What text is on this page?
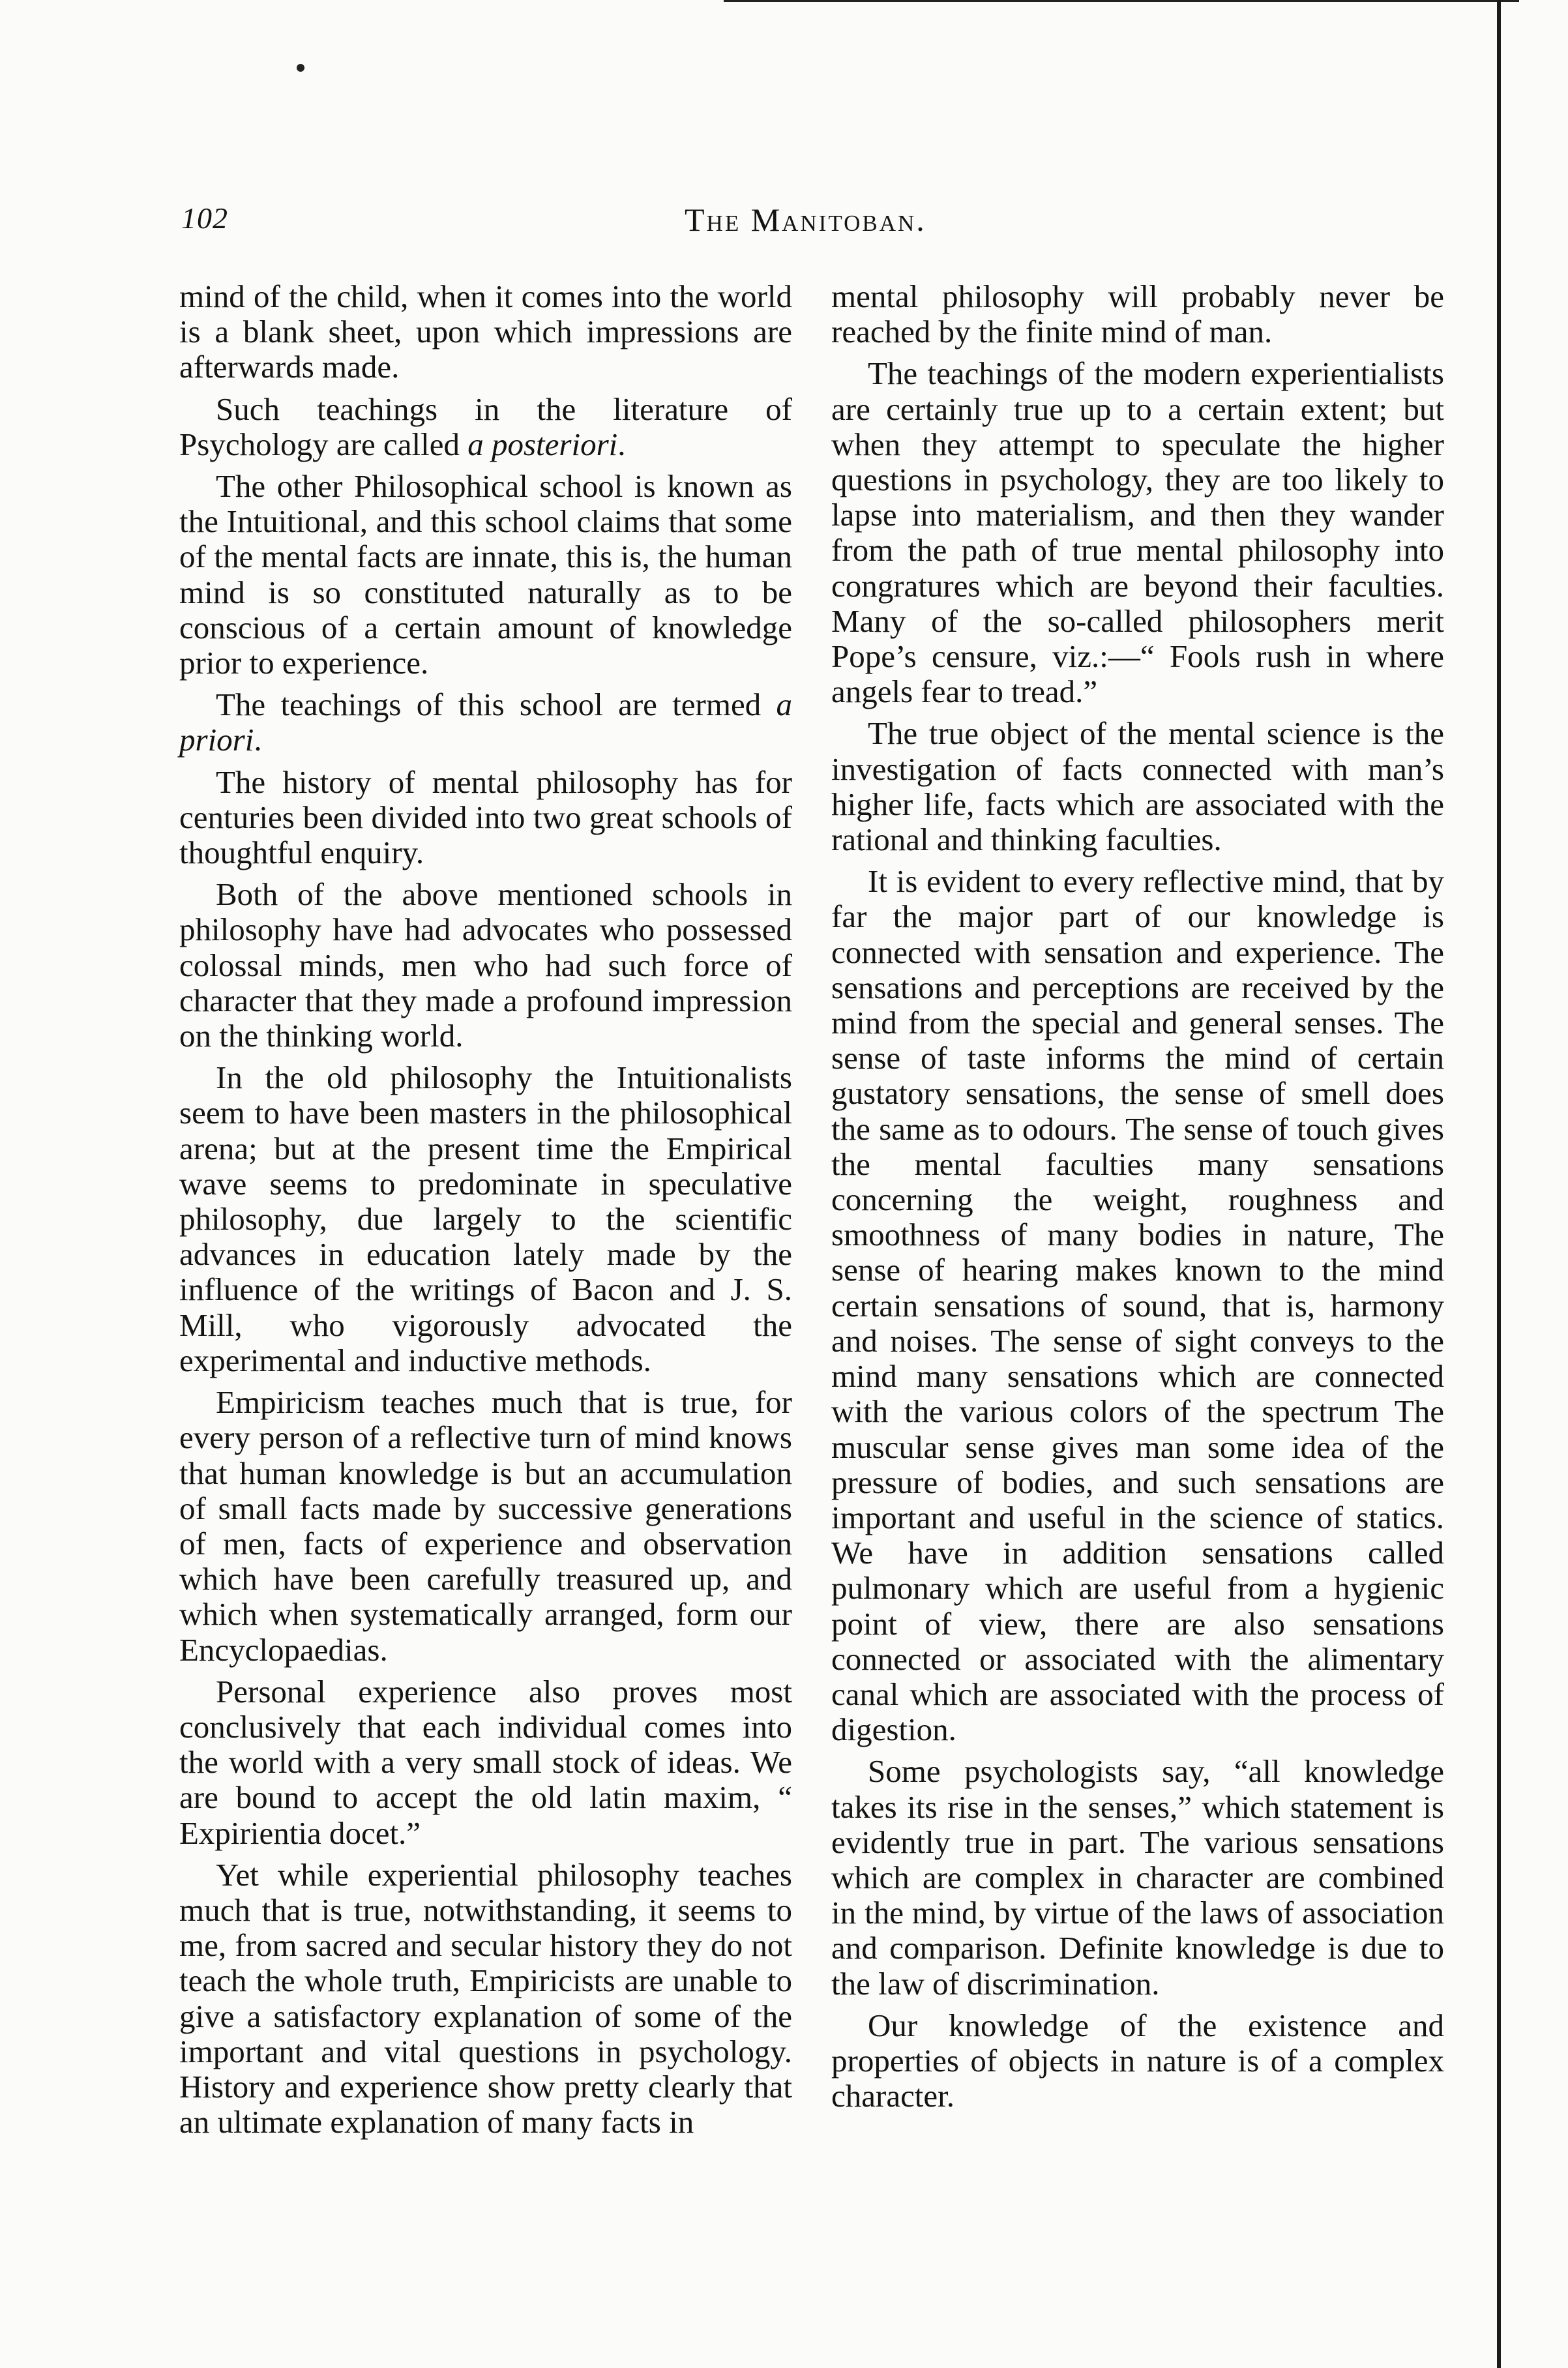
102	The Manitoban.

mind of the child, when it comes into the world is a blank sheet, upon which impressions are afterwards made.

Such teachings in the literature of Psychology are called a posteriori.

The other Philosophical school is known as the Intuitional, and this school claims that some of the mental facts are innate, this is, the human mind is so constituted naturally as to be conscious of a certain amount of knowledge prior to experience.

The teachings of this school are termed a priori.

The history of mental philosophy has for centuries been divided into two great schools of thoughtful enquiry.

Both of the above mentioned schools in philosophy have had advocates who possessed colossal minds, men who had such force of character that they made a profound impression on the thinking world.

In the old philosophy the Intuitionalists seem to have been masters in the philosophical arena; but at the present time the Empirical wave seems to predominate in speculative philosophy, due largely to the scientific advances in education lately made by the influence of the writings of Bacon and J. S. Mill, who vigorously advocated the experimental and inductive methods.

Empiricism teaches much that is true, for every person of a reflective turn of mind knows that human knowledge is but an accumulation of small facts made by successive generations of men, facts of experience and observation which have been carefully treasured up, and which when systematically arranged, form our Encyclopaedias.

Personal experience also proves most conclusively that each individual comes into the world with a very small stock of ideas. We are bound to accept the old latin maxim, “ Expirientia docet.”

Yet while experiential philosophy teaches much that is true, notwithstanding, it seems to me, from sacred and secular history they do not teach the whole truth, Empiricists are unable to give a satisfactory explanation of some of the important and vital questions in psychology. History and experience show pretty clearly that an ultimate explanation of many facts in

mental philosophy will probably never be reached by the finite mind of man.

The teachings of the modern experientialists are certainly true up to a certain extent; but when they attempt to speculate the higher questions in psychology, they are too likely to lapse into materialism, and then they wander from the path of true mental philosophy into congratures which are beyond their faculties. Many of the so-called philosophers merit Pope’s censure, viz.:—“ Fools rush in where angels fear to tread.”

The true object of the mental science is the investigation of facts connected with man’s higher life, facts which are associated with the rational and thinking faculties.

It is evident to every reflective mind, that by far the major part of our knowledge is connected with sensation and experience. The sensations and perceptions are received by the mind from the special and general senses. The sense of taste informs the mind of certain gustatory sensations, the sense of smell does the same as to odours. The sense of touch gives the mental faculties many sensations concerning the weight, roughness and smoothness of many bodies in nature, The sense of hearing makes known to the mind certain sensations of sound, that is, harmony and noises. The sense of sight conveys to the mind many sensations which are connected with the various colors of the spectrum The muscular sense gives man some idea of the pressure of bodies, and such sensations are important and useful in the science of statics. We have in addition sensations called pulmonary which are useful from a hygienic point of view, there are also sensations connected or associated with the alimentary canal which are associated with the process of digestion.

Some psychologists say, “all knowledge takes its rise in the senses,” which statement is evidently true in part. The various sensations which are complex in character are combined in the mind, by virtue of the laws of association and comparison. Definite knowledge is due to the law of discrimination.

Our knowledge of the existence and properties of objects in nature is of a complex character.
